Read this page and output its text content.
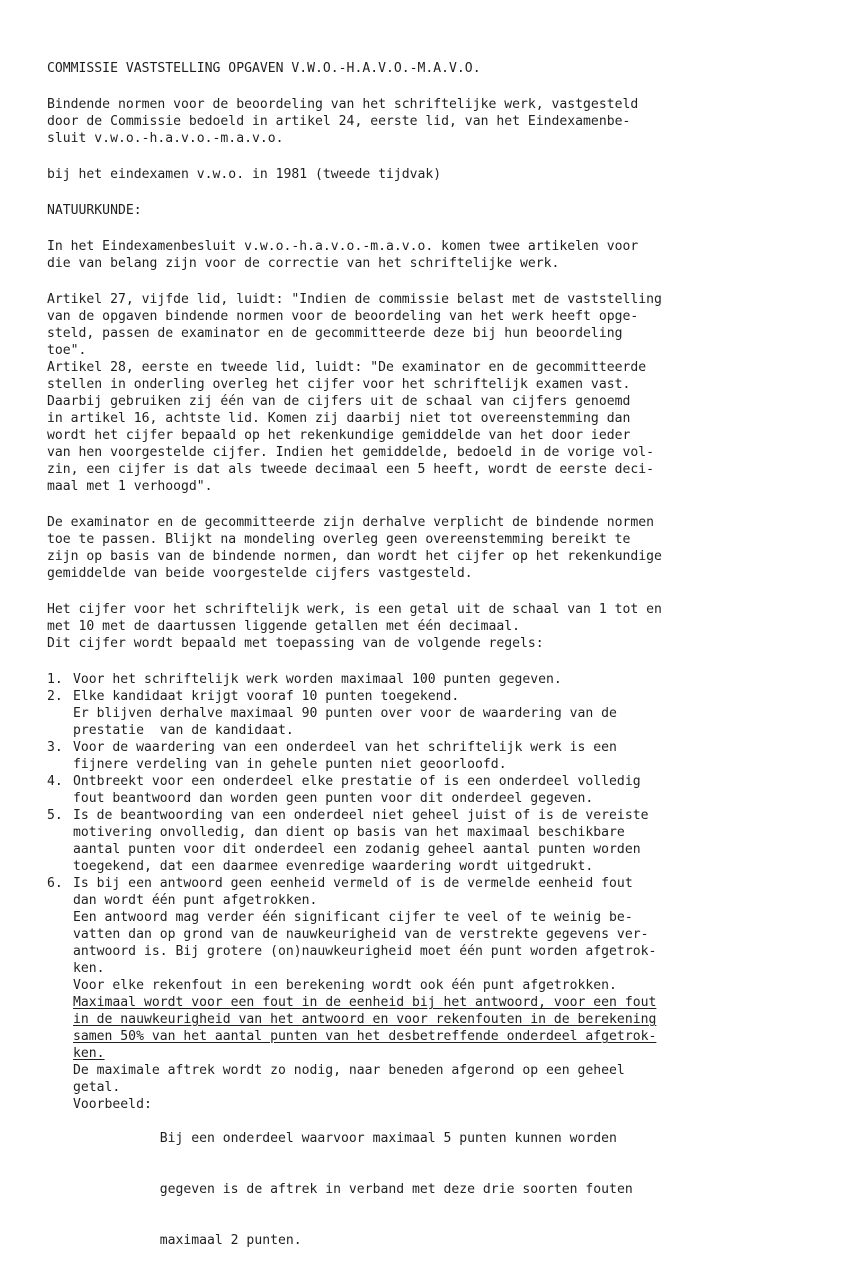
COMMISSIE VASTSTELLING OPGAVEN V.W.O.-H.A.V.O.-M.A.V.O.
Bindende normen voor de beoordeling van het schriftelijke werk, vastgesteld
door de Commissie bedoeld in artikel 24, eerste lid, van het Eindexamenbe-
sluit v.w.o.-h.a.v.o.-m.a.v.o.
bij het eindexamen v.w.o. in 1981 (tweede tijdvak)
NATUURKUNDE:
In het Eindexamenbesluit v.w.o.-h.a.v.o.-m.a.v.o. komen twee artikelen voor
die van belang zijn voor de correctie van het schriftelijke werk.
Artikel 27, vijfde lid, luidt: "Indien de commissie belast met de vaststelling
van de opgaven bindende normen voor de beoordeling van het werk heeft opge-
steld, passen de examinator en de gecommitteerde deze bij hun beoordeling
toe".
Artikel 28, eerste en tweede lid, luidt: "De examinator en de gecommitteerde
stellen in onderling overleg het cijfer voor het schriftelijk examen vast.
Daarbij gebruiken zij één van de cijfers uit de schaal van cijfers genoemd
in artikel 16, achtste lid. Komen zij daarbij niet tot overeenstemming dan
wordt het cijfer bepaald op het rekenkundige gemiddelde van het door ieder
van hen voorgestelde cijfer. Indien het gemiddelde, bedoeld in de vorige vol-
zin, een cijfer is dat als tweede decimaal een 5 heeft, wordt de eerste deci-
maal met 1 verhoogd".
De examinator en de gecommitteerde zijn derhalve verplicht de bindende normen
toe te passen. Blijkt na mondeling overleg geen overeenstemming bereikt te
zijn op basis van de bindende normen, dan wordt het cijfer op het rekenkundige
gemiddelde van beide voorgestelde cijfers vastgesteld.
Het cijfer voor het schriftelijk werk, is een getal uit de schaal van 1 tot en
met 10 met de daartussen liggende getallen met één decimaal.
Dit cijfer wordt bepaald met toepassing van de volgende regels:
1. Voor het schriftelijk werk worden maximaal 100 punten gegeven.
2. Elke kandidaat krijgt vooraf 10 punten toegekend.
Er blijven derhalve maximaal 90 punten over voor de waardering van de
prestatie  van de kandidaat.
3. Voor de waardering van een onderdeel van het schriftelijk werk is een
fijnere verdeling van in gehele punten niet geoorloofd.
4. Ontbreekt voor een onderdeel elke prestatie of is een onderdeel volledig
fout beantwoord dan worden geen punten voor dit onderdeel gegeven.
5. Is de beantwoording van een onderdeel niet geheel juist of is de vereiste
motivering onvolledig, dan dient op basis van het maximaal beschikbare
aantal punten voor dit onderdeel een zodanig geheel aantal punten worden
toegekend, dat een daarmee evenredige waardering wordt uitgedrukt.
6. Is bij een antwoord geen eenheid vermeld of is de vermelde eenheid fout
dan wordt één punt afgetrokken.
Een antwoord mag verder één significant cijfer te veel of te weinig be-
vatten dan op grond van de nauwkeurigheid van de verstrekte gegevens ver-
antwoord is. Bij grotere (on)nauwkeurigheid moet één punt worden afgetrok-
ken.
Voor elke rekenfout in een berekening wordt ook één punt afgetrokken.
Maximaal wordt voor een fout in de eenheid bij het antwoord, voor een fout
in de nauwkeurigheid van het antwoord en voor rekenfouten in de berekening
samen 50% van het aantal punten van het desbetreffende onderdeel afgetrok-
ken.
De maximale aftrek wordt zo nodig, naar beneden afgerond op een geheel
getal.
Voorbeeld:

Bij een onderdeel waarvoor maximaal 5 punten kunnen worden

gegeven is de aftrek in verband met deze drie soorten fouten

maximaal 2 punten.
